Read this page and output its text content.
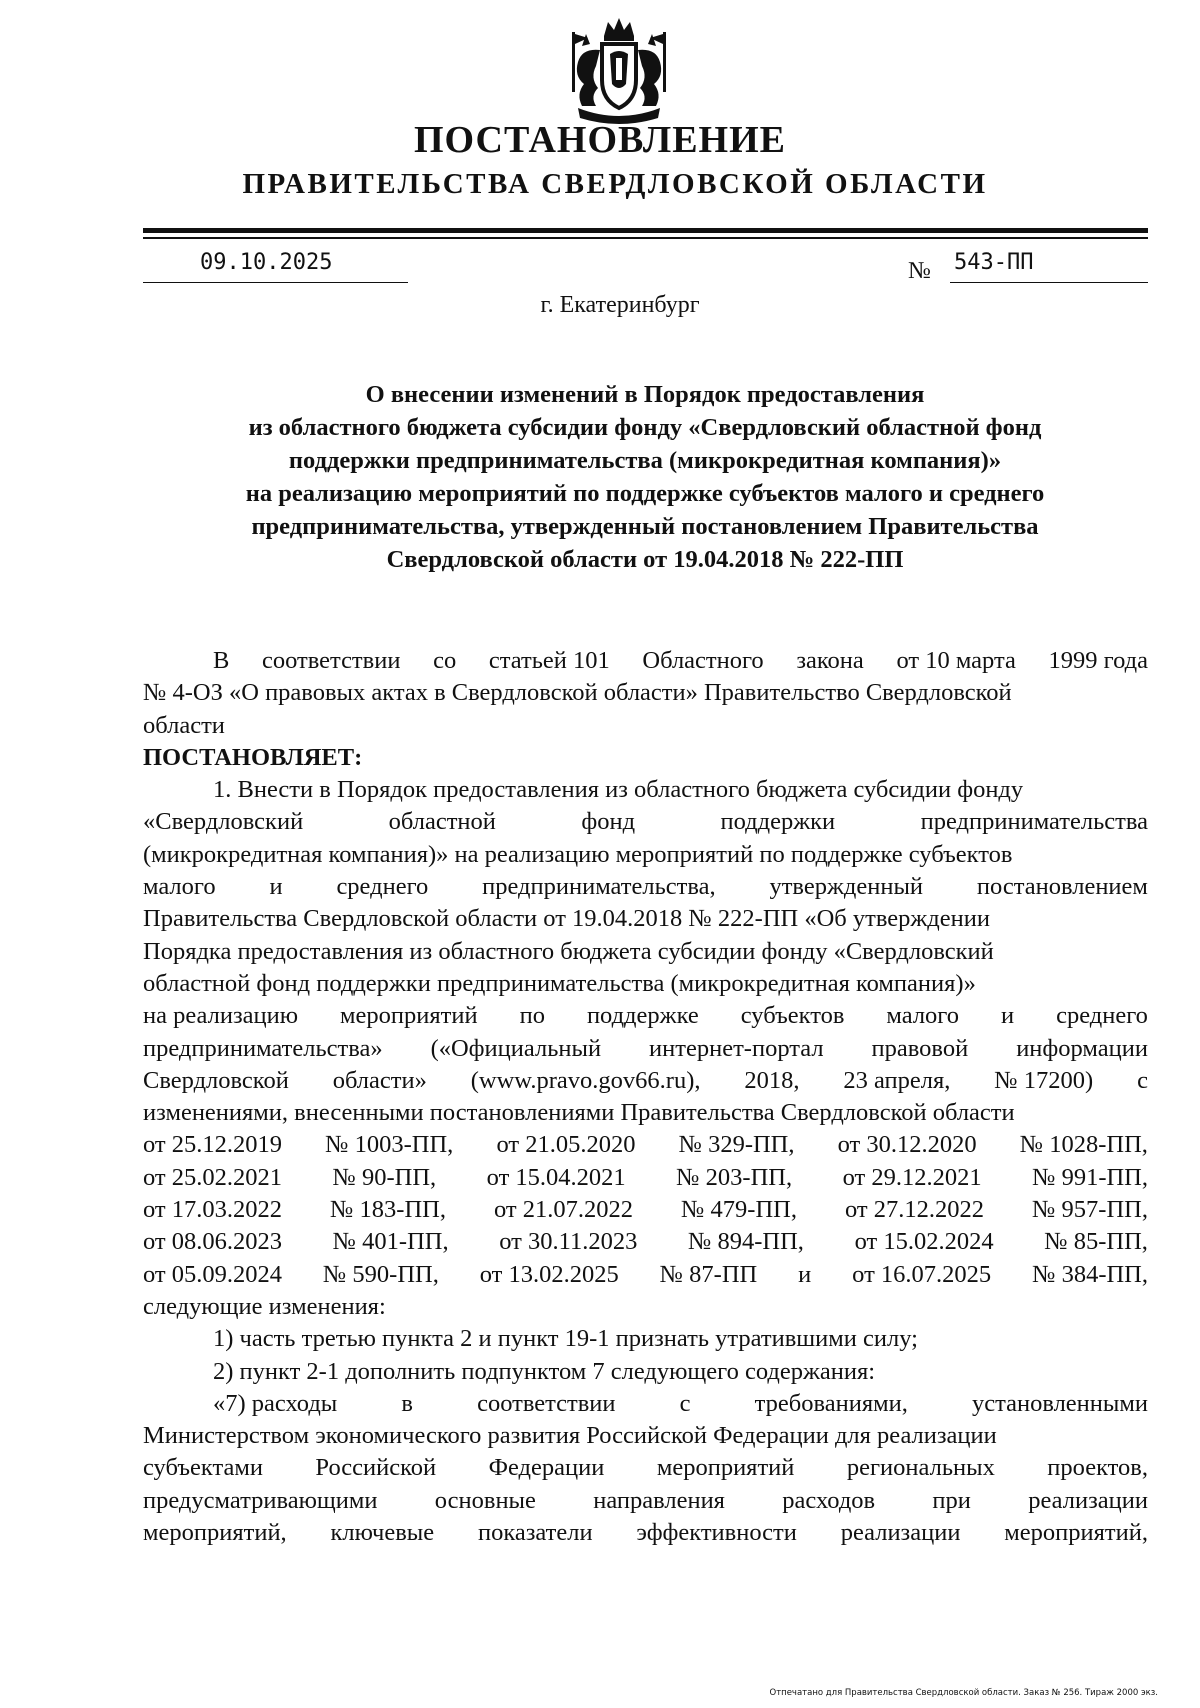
ПОСТАНОВЛЕНИЕ
ПРАВИТЕЛЬСТВА СВЕРДЛОВСКОЙ ОБЛАСТИ
09.10.2025	№ 543-ПП
г. Екатеринбург
О внесении изменений в Порядок предоставления
из областного бюджета субсидии фонду «Свердловский областной фонд
поддержки предпринимательства (микрокредитная компания)»
на реализацию мероприятий по поддержке субъектов малого и среднего
предпринимательства, утвержденный постановлением Правительства
Свердловской области от 19.04.2018 № 222-ПП
В соответствии со статьей 101 Областного закона от 10 марта 1999 года
№ 4-ОЗ «О правовых актах в Свердловской области» Правительство Свердловской
области
ПОСТАНОВЛЯЕТ:
1. Внести в Порядок предоставления из областного бюджета субсидии фонду
«Свердловский	областной	фонд	поддержки	предпринимательства
(микрокредитная компания)» на реализацию мероприятий по поддержке субъектов
малого и среднего предпринимательства, утвержденный постановлением
Правительства Свердловской области от 19.04.2018 № 222-ПП «Об утверждении
Порядка предоставления из областного бюджета субсидии фонду «Свердловский
областной фонд поддержки предпринимательства (микрокредитная компания)»
на реализацию мероприятий по поддержке субъектов малого и среднего
предпринимательства» («Официальный интернет-портал правовой информации
Свердловской области» (www.pravo.gov66.ru), 2018, 23 апреля, № 17200) с
изменениями, внесенными постановлениями Правительства Свердловской области
от 25.12.2019 № 1003-ПП, от 21.05.2020 № 329-ПП, от 30.12.2020 № 1028-ПП,
от 25.02.2021 № 90-ПП, от 15.04.2021 № 203-ПП, от 29.12.2021 № 991-ПП,
от 17.03.2022 № 183-ПП, от 21.07.2022 № 479-ПП, от 27.12.2022 № 957-ПП,
от 08.06.2023 № 401-ПП, от 30.11.2023 № 894-ПП, от 15.02.2024 № 85-ПП,
от 05.09.2024 № 590-ПП, от 13.02.2025 № 87-ПП и от 16.07.2025 № 384-ПП,
следующие изменения:
1) часть третью пункта 2 и пункт 19-1 признать утратившими силу;
2) пункт 2-1 дополнить подпунктом 7 следующего содержания:
«7) расходы	в	соответствии	с	требованиями,	установленными
Министерством экономического развития Российской Федерации для реализации
субъектами Российской Федерации мероприятий региональных проектов,
предусматривающими основные направления расходов при реализации
мероприятий, ключевые показатели эффективности реализации мероприятий,
Отпечатано для Правительства Свердловской области. Заказ № 256. Тираж 2000 экз.
